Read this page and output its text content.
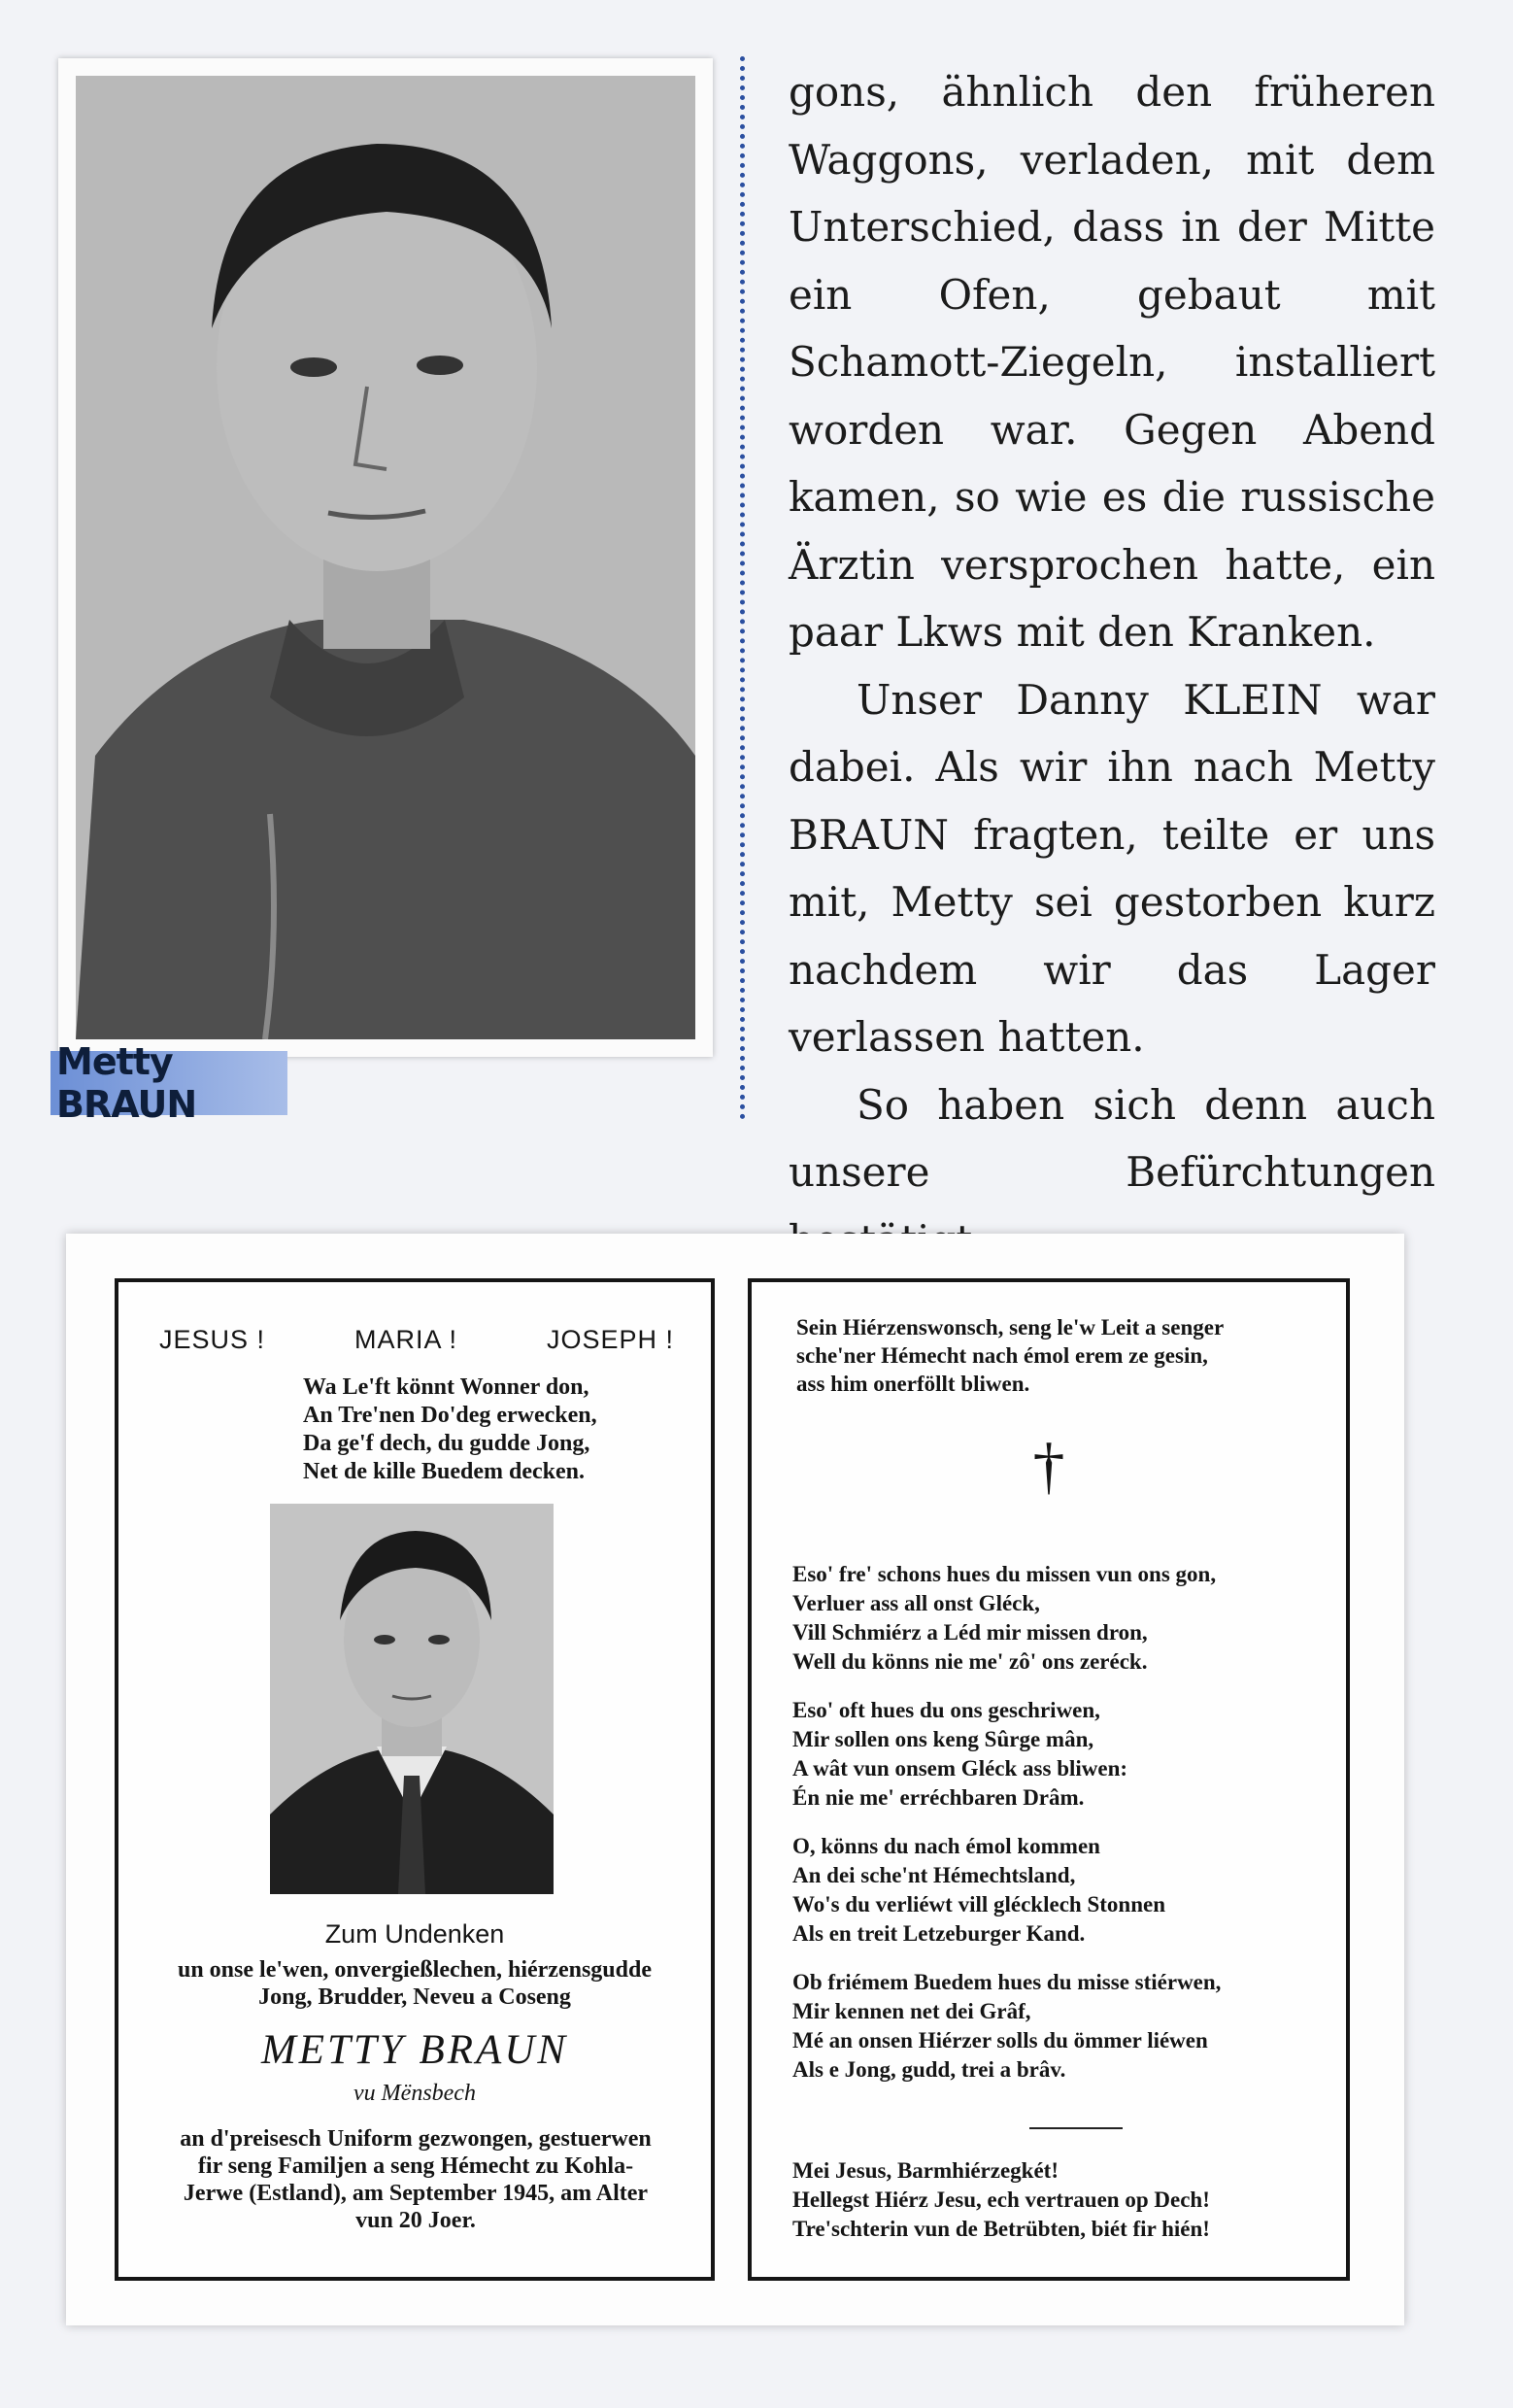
Metty BRAUN

gons, ähnlich den früheren Waggons, verladen, mit dem Unterschied, dass in der Mitte ein Ofen, gebaut mit Schamott-Ziegeln, installiert worden war. Gegen Abend kamen, so wie es die russische Ärztin versprochen hatte, ein paar Lkws mit den Kranken.

Unser Danny KLEIN war dabei. Als wir ihn nach Metty BRAUN fragten, teilte er uns mit, Metty sei gestorben kurz nachdem wir das Lager verlassen hatten.

So haben sich denn auch unsere Befürchtungen

JESUS !	MARIA !	JOSEPH !
Wa Le'ft könnt Wonner don,
An Tre'nen Do'deg erwecken,
Da ge'f dech, du gudde Jong,
Net de kille Buedem decken.
Zum Undenken
un onse le'wen, onvergießlechen, hiérzensgudde
Jong, Brudder, Neveu a Coseng
METTY BRAUN
vu Mënsbech
an d'preisesch Uniform gezwongen, gestuerwen
fir seng Familjen a seng Hémecht zu Kohla-
Jerwe (Estland), am September 1945, am Alter
vun 20 Joer.
Sein Hiérzenswonsch, seng le'w Leit a senger
sche'ner Hémecht nach émol erem ze gesin,
ass him onerföllt bliwen.
†
Eso' fre' schons hues du missen vun ons gon,
Verluer ass all onst Gléck,
Vill Schmiérz a Léd mir missen dron,
Well du könns nie me' zô' ons zeréck.
Eso' oft hues du ons geschriwen,
Mir sollen ons keng Sûrge mân,
A wât vun onsem Gléck ass bliwen:
Én nie me' erréchbaren Drâm.
O, könns du nach émol kommen
An dei sche'nt Hémechtsland,
Wo's du verliéwt vill glécklech Stonnen
Als en treit Letzeburger Kand.
Ob friémem Buedem hues du misse stiérwen,
Mir kennen net dei Grâf,
Mé an onsen Hiérzer solls du ömmer liéwen
Als e Jong, gudd, trei a brâv.
Mei Jesus, Barmhiérzegkét!
Hellegst Hiérz Jesu, ech vertrauen op Dech!
Tre'schterin vun de Betrübten, biét fir hién!
